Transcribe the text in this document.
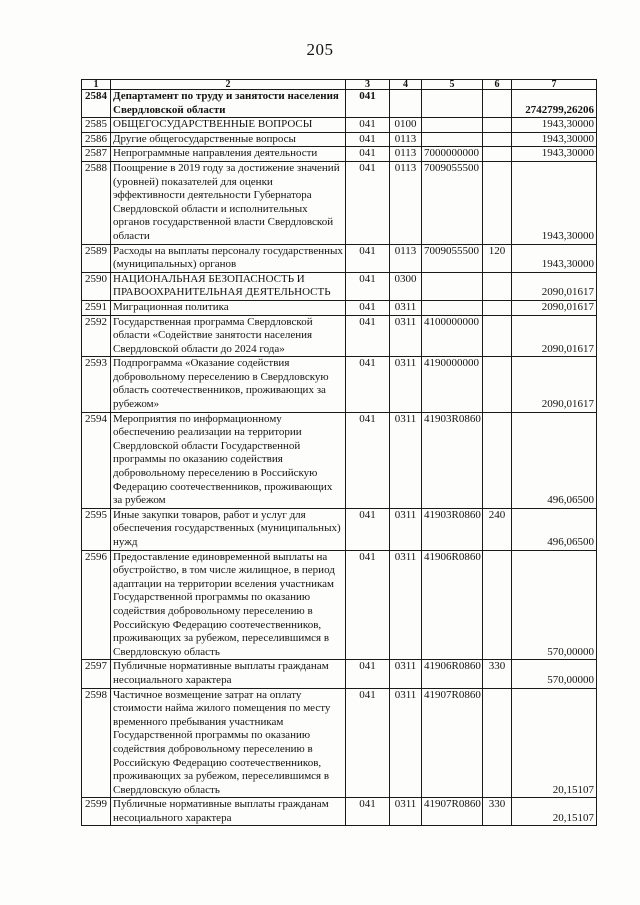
205
1	2	3	4	5	6	7
2584	Департамент по труду и занятости населения Свердловской области	041				2742799,26206
2585	ОБЩЕГОСУДАРСТВЕННЫЕ ВОПРОСЫ	041	0100			1943,30000
2586	Другие общегосударственные вопросы	041	0113			1943,30000
2587	Непрограммные направления деятельности	041	0113	7000000000		1943,30000
2588	Поощрение в 2019 году за достижение значений (уровней) показателей для оценки эффективности деятельности Губернатора Свердловской области и исполнительных органов государственной власти Свердловской области	041	0113	7009055500		1943,30000
2589	Расходы на выплаты персоналу государственных (муниципальных) органов	041	0113	7009055500	120	1943,30000
2590	НАЦИОНАЛЬНАЯ БЕЗОПАСНОСТЬ И ПРАВООХРАНИТЕЛЬНАЯ ДЕЯТЕЛЬНОСТЬ	041	0300			2090,01617
2591	Миграционная политика	041	0311			2090,01617
2592	Государственная программа Свердловской области «Содействие занятости населения Свердловской области до 2024 года»	041	0311	4100000000		2090,01617
2593	Подпрограмма «Оказание содействия добровольному переселению в Свердловскую область соотечественников, проживающих за рубежом»	041	0311	4190000000		2090,01617
2594	Мероприятия по информационному обеспечению реализации на территории Свердловской области Государственной программы по оказанию содействия добровольному переселению в Российскую Федерацию соотечественников, проживающих за рубежом	041	0311	41903R0860		496,06500
2595	Иные закупки товаров, работ и услуг для обеспечения государственных (муниципальных) нужд	041	0311	41903R0860	240	496,06500
2596	Предоставление единовременной выплаты на обустройство, в том числе жилищное, в период адаптации на территории вселения участникам Государственной программы по оказанию содействия добровольному переселению в Российскую Федерацию соотечественников, проживающих за рубежом, переселившимся в Свердловскую область	041	0311	41906R0860		570,00000
2597	Публичные нормативные выплаты гражданам несоциального характера	041	0311	41906R0860	330	570,00000
2598	Частичное возмещение затрат на оплату стоимости найма жилого помещения по месту временного пребывания участникам Государственной программы по оказанию содействия добровольному переселению в Российскую Федерацию соотечественников, проживающих за рубежом, переселившимся в Свердловскую область	041	0311	41907R0860		20,15107
2599	Публичные нормативные выплаты гражданам несоциального характера	041	0311	41907R0860	330	20,15107
